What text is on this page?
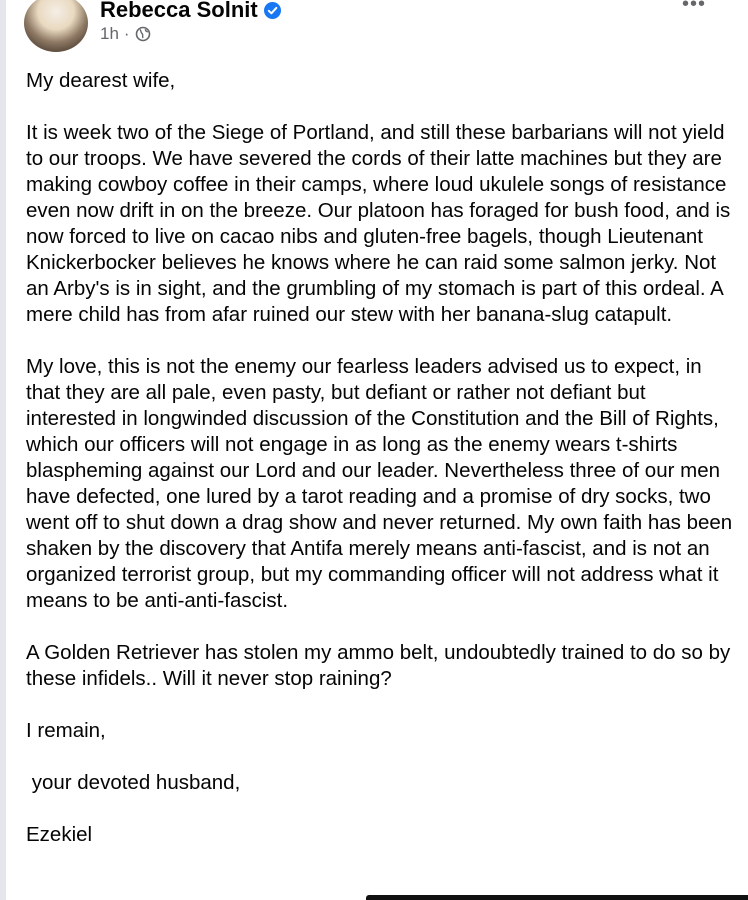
Rebecca Solnit
1h ·
•••

My dearest wife,

It is week two of the Siege of Portland, and still these barbarians will not yield to our troops. We have severed the cords of their latte machines but they are making cowboy coffee in their camps, where loud ukulele songs of resistance even now drift in on the breeze. Our platoon has foraged for bush food, and is now forced to live on cacao nibs and gluten-free bagels, though Lieutenant Knickerbocker believes he knows where he can raid some salmon jerky. Not an Arby's is in sight, and the grumbling of my stomach is part of this ordeal. A mere child has from afar ruined our stew with her banana-slug catapult.

My love, this is not the enemy our fearless leaders advised us to expect, in that they are all pale, even pasty, but defiant or rather not defiant but interested in longwinded discussion of the Constitution and the Bill of Rights, which our officers will not engage in as long as the enemy wears t-shirts blaspheming against our Lord and our leader. Nevertheless three of our men have defected, one lured by a tarot reading and a promise of dry socks, two went off to shut down a drag show and never returned. My own faith has been shaken by the discovery that Antifa merely means anti-fascist, and is not an organized terrorist group, but my commanding officer will not address what it means to be anti-anti-fascist.

A Golden Retriever has stolen my ammo belt, undoubtedly trained to do so by these infidels.. Will it never stop raining?

I remain,

your devoted husband,

Ezekiel
